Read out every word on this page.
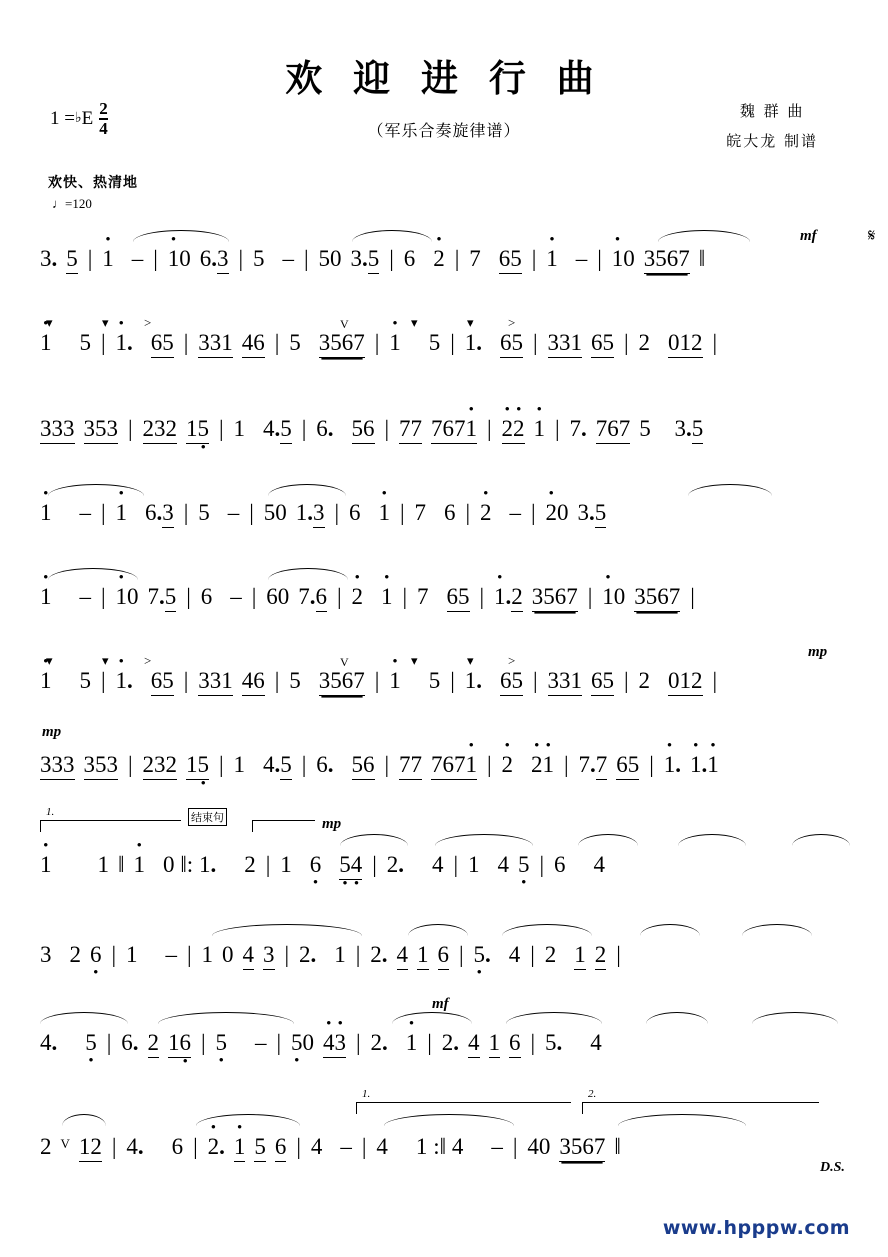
欢 迎 进 行 曲
（军乐合奏旋律谱）
魏 群 曲
皖大龙 制谱
1 = ♭ E $\frac{2}{4}$
欢快、热清地
♩=120
mf	𝄋
3. 5 | • 1 – | • 10 6.3 | 5 – | 50 3.5 | 6 • 2 | 7 65 | • 1 – | • 10 3567 ‖
▾	▾	>	V	▾	▾	>
• 1 5 | • 1. 65 | 331 46 | 5 3567 | • 1 5 | • 1. 65 | 331 65 | 2 012 |
333 353 | 232 15 • | 1 4.5 | 6. 56 | 77 767• 1 | • 2• 2 • 1 | 7. 767 5 3.5
• 1 – | • 1 6.3 | 5 – | 50 1.3 | 6 • 1 | 7 6 | • 2 – | • 20 3.5
• 1 – | • 10 7.5 | 6 – | 60 7.6 | • 2 • 1 | 7 65 | • 1.2 3567 | • 10 3567 |
▾	▾	>	V	▾	▾	>
mp
• 1 5 | • 1. 65 | 331 46 | 5 3567 | • 1 5 | • 1. 65 | 331 65 | 2 012 |
mp
333 353 | 232 15 • | 1 4.5 | 6. 56 | 77 767• 1 | • 2 • 2• 1 | 7.7 65 | • 1. • 1.• 1
1.	结束句	mp
• 1 1 ‖ • 1 0 ‖: 1. 2 | 1 6 • 5 •4 • | 2. 4 | 1 4 5 • | 6 4
3 2 6 • | 1 – | 1 0 4 3 | 2. 1 | 2. 4 1 6 | 5 •. 4 | 2 1 2 |
mf
4. 5 • | 6. 2 16 • | 5 • – | 5 •0 • 4• 3 | 2. • 1 | 2. 4 1 6 | 5. 4
1.	2.
2 $^V$ 12 | 4. 6 | • 2. • 1 5 6 | 4 – | 4 1 :‖ 4 – | 40 3567 ‖
D.S.
www.hpppw.com
